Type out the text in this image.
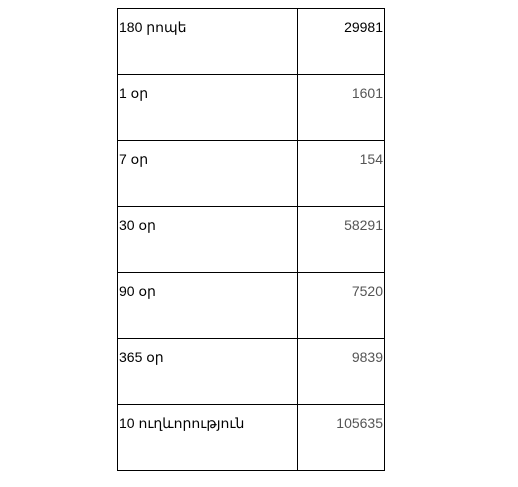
180 րոպե	29981
1 օր	1601
7 օր	154
30 օր	58291
90 օր	7520
365 օր	9839
10 ուղևորություն	105635
